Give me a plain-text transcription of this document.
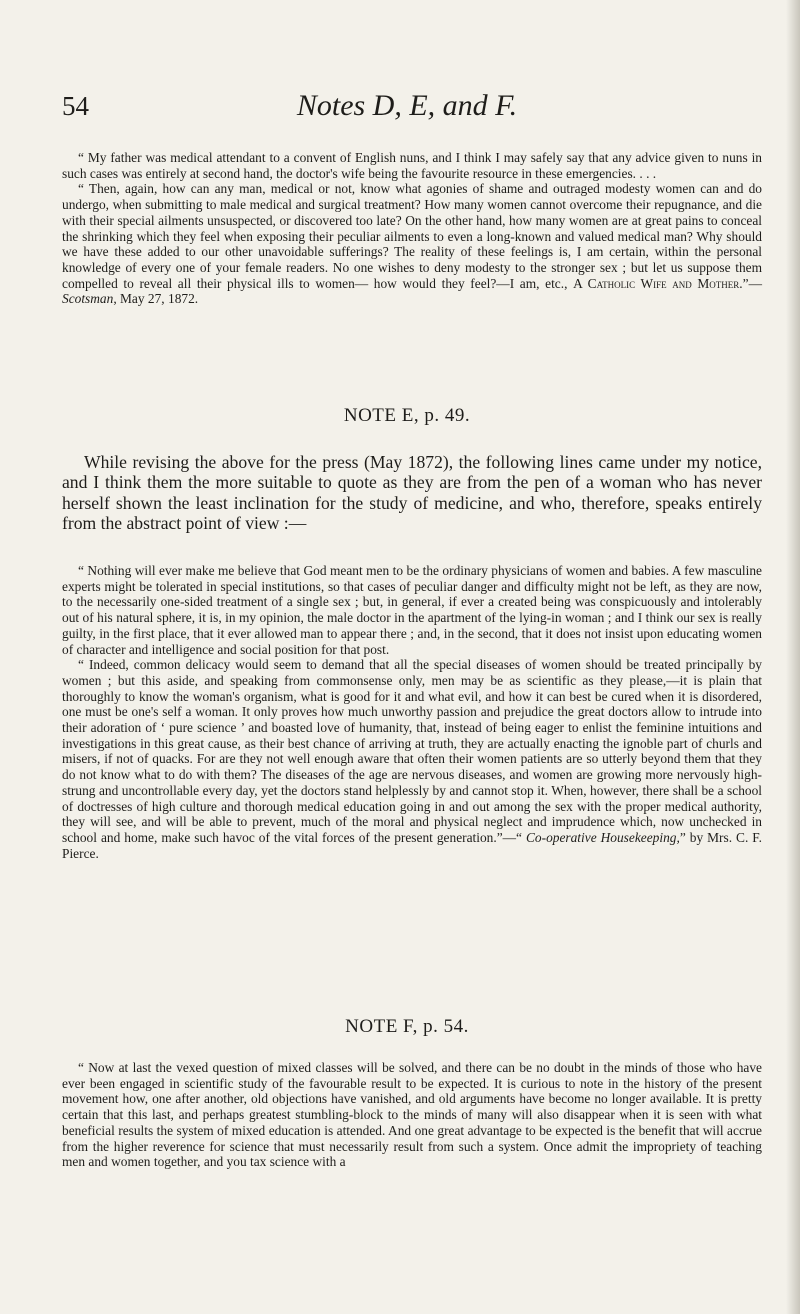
54	Notes D, E, and F.

“ My father was medical attendant to a convent of English nuns, and I think I may safely say that any advice given to nuns in such cases was entirely at second hand, the doctor's wife being the favourite resource in these emergencies. . . .

“ Then, again, how can any man, medical or not, know what agonies of shame and outraged modesty women can and do undergo, when submitting to male medical and surgical treatment? How many women cannot overcome their repugnance, and die with their special ailments unsuspected, or discovered too late? On the other hand, how many women are at great pains to conceal the shrinking which they feel when exposing their peculiar ailments to even a long-known and valued medical man? Why should we have these added to our other unavoidable sufferings? The reality of these feelings is, I am certain, within the personal knowledge of every one of your female readers. No one wishes to deny modesty to the stronger sex ; but let us suppose them compelled to reveal all their physical ills to women— how would they feel?—I am, etc., A Catholic Wife and Mother.”—Scotsman, May 27, 1872.

NOTE E, p. 49.

While revising the above for the press (May 1872), the following lines came under my notice, and I think them the more suitable to quote as they are from the pen of a woman who has never herself shown the least inclination for the study of medicine, and who, therefore, speaks entirely from the abstract point of view :—

“ Nothing will ever make me believe that God meant men to be the ordinary physicians of women and babies. A few masculine experts might be tolerated in special institutions, so that cases of peculiar danger and difficulty might not be left, as they are now, to the necessarily one-sided treatment of a single sex ; but, in general, if ever a created being was conspicuously and intolerably out of his natural sphere, it is, in my opinion, the male doctor in the apartment of the lying-in woman ; and I think our sex is really guilty, in the first place, that it ever allowed man to appear there ; and, in the second, that it does not insist upon educating women of character and intelligence and social position for that post.

“ Indeed, common delicacy would seem to demand that all the special diseases of women should be treated principally by women ; but this aside, and speaking from commonsense only, men may be as scientific as they please,—it is plain that thoroughly to know the woman's organism, what is good for it and what evil, and how it can best be cured when it is disordered, one must be one's self a woman. It only proves how much unworthy passion and prejudice the great doctors allow to intrude into their adoration of ‘ pure science ’ and boasted love of humanity, that, instead of being eager to enlist the feminine intuitions and investigations in this great cause, as their best chance of arriving at truth, they are actually enacting the ignoble part of churls and misers, if not of quacks. For are they not well enough aware that often their women patients are so utterly beyond them that they do not know what to do with them? The diseases of the age are nervous diseases, and women are growing more nervously high-strung and uncontrollable every day, yet the doctors stand helplessly by and cannot stop it. When, however, there shall be a school of doctresses of high culture and thorough medical education going in and out among the sex with the proper medical authority, they will see, and will be able to prevent, much of the moral and physical neglect and imprudence which, now unchecked in school and home, make such havoc of the vital forces of the present generation.”—“ Co-operative Housekeeping,” by Mrs. C. F. Pierce.

NOTE F, p. 54.

“ Now at last the vexed question of mixed classes will be solved, and there can be no doubt in the minds of those who have ever been engaged in scientific study of the favourable result to be expected. It is curious to note in the history of the present movement how, one after another, old objections have vanished, and old arguments have become no longer available. It is pretty certain that this last, and perhaps greatest stumbling-block to the minds of many will also disappear when it is seen with what beneficial results the system of mixed education is attended. And one great advantage to be expected is the benefit that will accrue from the higher reverence for science that must necessarily result from such a system. Once admit the impropriety of teaching men and women together, and you tax science with a
